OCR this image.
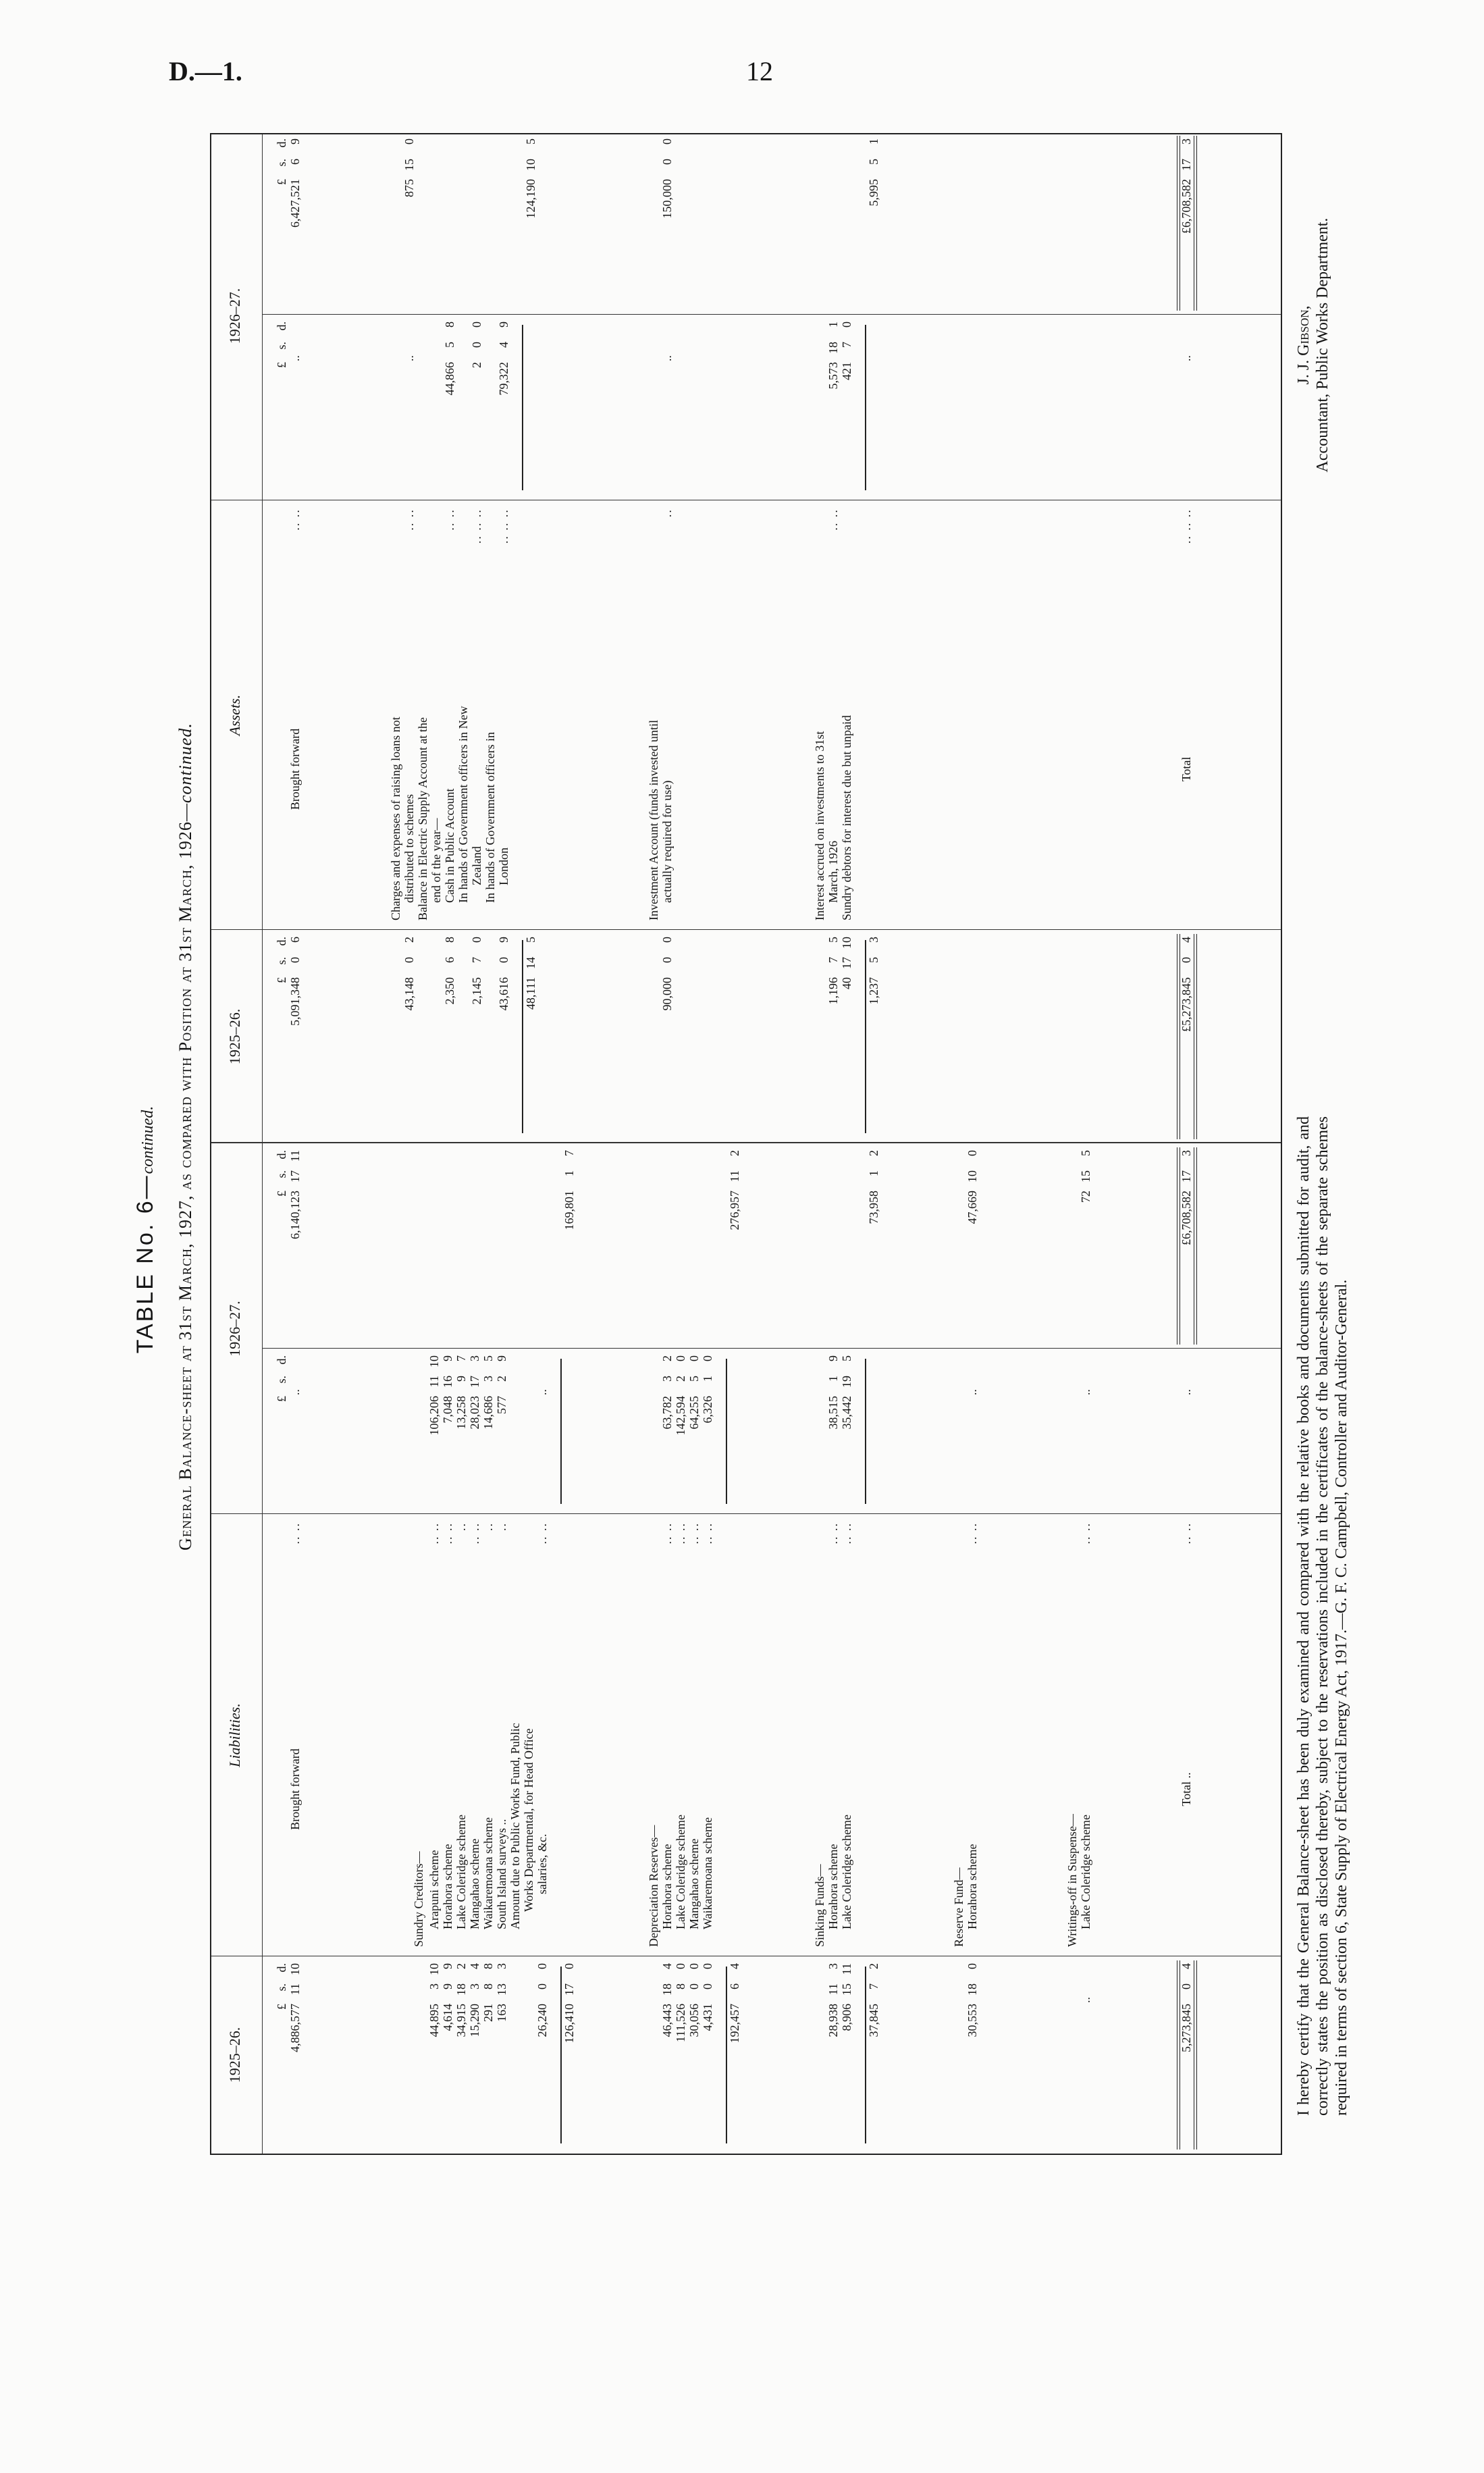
D.—1.	12
TABLE No. 6—continued. General Balance-sheet at 31st March, 1927, as compared with Position at 31st March, 1926—continued.
1925–26.
Liabilities.
1926–27.
1925–26.
Assets.
1926–27.
£
s.
d.
£
s.
d.
£
s.
d.
Brought forward
.. ..
4,886,577
11
10
..
6,140,123
17
11
Sundry Creditors— Arapuni scheme
.. ..
44,895
3
10
106,206
11
10
Horahora scheme
.. ..
4,614
9
9
7,048
16
9
Lake Coleridge scheme
..
34,915
18
2
13,258
9
7
Mangahao scheme
.. ..
15,290
3
4
28,023
17
3
Waikaremoana scheme
..
291
8
8
14,686
3
5
South Island surveys ..
..
163
13
3
577
2
9
Amount due to Public Works Fund, Public Works Departmental, for Head Office salaries, &c.
.. ..
26,240
0
0
..
126,410
17
0
169,801
1
7
Depreciation Reserves— Horahora scheme
.. ..
46,443
18
4
63,782
3
2
Lake Coleridge scheme
.. ..
111,526
8
0
142,594
2
0
Mangahao scheme
.. ..
30,056
0
0
64,255
5
0
Waikaremoana scheme
.. ..
4,431
0
0
6,326
1
0
192,457
6
4
276,957
11
2
Sinking Funds— Horahora scheme
.. ..
28,938
11
3
38,515
1
9
Lake Coleridge scheme
.. ..
8,906
15
11
35,442
19
5
37,845
7
2
73,958
1
2
Reserve Fund— Horahora scheme
.. ..
30,553
18
0
..
47,669
10
0
Writings-off in Suspense— Lake Coleridge scheme
.. ..
..
..
72
15
5
Total ..
.. ..
5,273,845
0
4
..
£6,708,582
17
3
£
s.
d.
£
s.
d.
£
s.
d.
Brought forward
.. ..
5,091,348
0
6
..
6,427,521
6
9
Charges and expenses of raising loans not distributed to schemes
.. ..
43,148
0
2
..
875
15
0
Balance in Electric Supply Account at the end of the year— Cash in Public Account
.. ..
2,350
6
8
44,866
5
8
In hands of Government officers in New Zealand
.. .. ..
2,145
7
0
2
0
0
In hands of Government officers in London
.. .. ..
43,616
0
9
79,322
4
9
48,111
14
5
124,190
10
5
Investment Account (funds invested until actually required for use)
..
90,000
0
0
..
150,000
0
0
Interest accrued on investments to 31st March, 1926
.. ..
1,196
7
5
5,573
18
1
Sundry debtors for interest due but unpaid
40
17
10
421
7
0
1,237
5
3
5,995
5
1
Total
.. .. ..
£5,273,845
0
4
..
£6,708,582
17
3
I hereby certify that the General Balance-sheet has been duly examined and compared with the relative books and documents submitted for audit, and correctly states the position as disclosed thereby, subject to the reservations included in the certificates of the balance-sheets of the separate schemes required in terms of section 6, State Supply of Electrical Energy Act, 1917.—G. F. C. Campbell, Controller and Auditor-General.
J. J. Gibson, Accountant, Public Works Department.
